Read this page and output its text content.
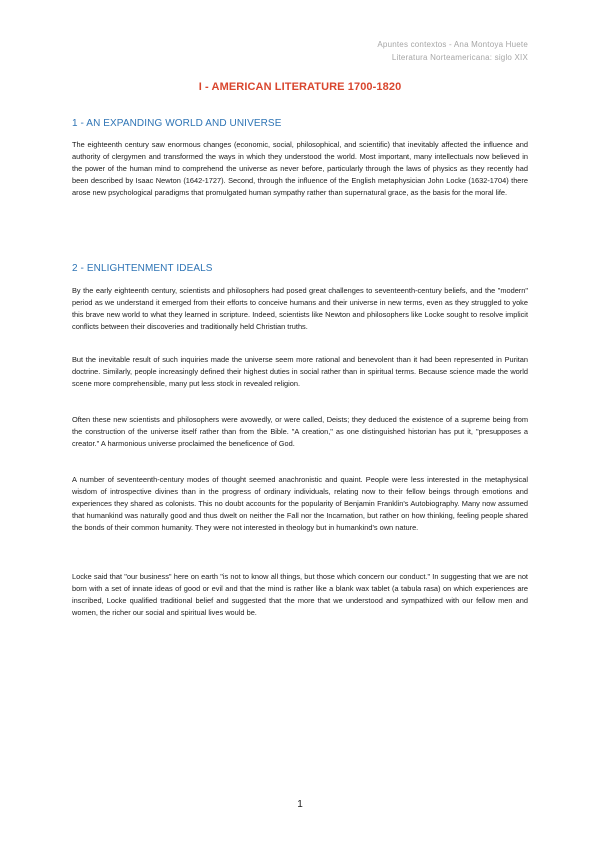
Apuntes contextos - Ana Montoya Huete
Literatura Norteamericana: siglo XIX
I - AMERICAN LITERATURE 1700-1820
1 - AN EXPANDING WORLD AND UNIVERSE

The eighteenth century saw enormous changes (economic, social, philosophical, and scientific) that inevitably affected the influence and authority of clergymen and transformed the ways in which they understood the world. Most important, many intellectuals now believed in the power of the human mind to comprehend the universe as never before, particularly through the laws of physics as they recently had been described by Isaac Newton (1642-1727). Second, through the influence of the English metaphysician John Locke (1632-1704) there arose new psychological paradigms that promulgated human sympathy rather than supernatural grace, as the basis for the moral life.

2 - ENLIGHTENMENT IDEALS

By the early eighteenth century, scientists and philosophers had posed great challenges to seventeenth-century beliefs, and the "modern" period as we understand it emerged from their efforts to conceive humans and their universe in new terms, even as they struggled to yoke this brave new world to what they learned in scripture. Indeed, scientists like Newton and philosophers like Locke sought to resolve implicit conflicts between their discoveries and traditionally held Christian truths.

But the inevitable result of such inquiries made the universe seem more rational and benevolent than it had been represented in Puritan doctrine. Similarly, people increasingly defined their highest duties in social rather than in spiritual terms. Because science made the world scene more comprehensible, many put less stock in revealed religion.

Often these new scientists and philosophers were avowedly, or were called, Deists; they deduced the existence of a supreme being from the construction of the universe itself rather than from the Bible. "A creation," as one distinguished historian has put it, "presupposes a creator." A harmonious universe proclaimed the beneficence of God.

A number of seventeenth-century modes of thought seemed anachronistic and quaint. People were less interested in the metaphysical wisdom of introspective divines than in the progress of ordinary individuals, relating now to their fellow beings through emotions and experiences they shared as colonists. This no doubt accounts for the popularity of Benjamin Franklin's Autobiography. Many now assumed that humankind was naturally good and thus dwelt on neither the Fall nor the Incarnation, but rather on how thinking, feeling people shared the bonds of their common humanity. They were not interested in theology but in humankind's own nature.

Locke said that "our business" here on earth "is not to know all things, but those which concern our conduct." In suggesting that we are not born with a set of innate ideas of good or evil and that the mind is rather like a blank wax tablet (a tabula rasa) on which experiences are inscribed, Locke qualified traditional belief and suggested that the more that we understood and sympathized with our fellow men and women, the richer our social and spiritual lives would be.

1
